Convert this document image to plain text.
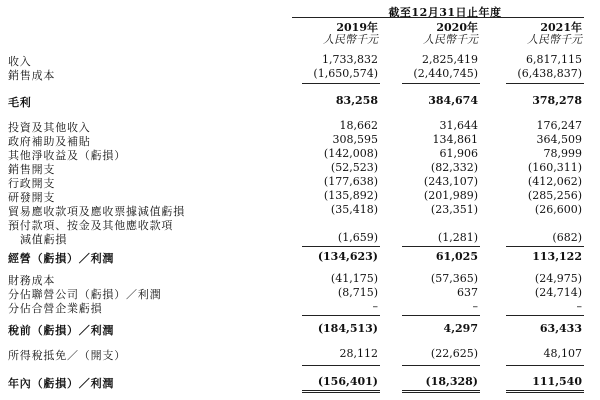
截至12月31日止年度
2019年	2020年	2021年
人民幣千元	人民幣千元	人民幣千元
收入	1,733,832	2,825,419	6,817,115
銷售成本	(1,650,574)	(2,440,745)	(6,438,837)
毛利	83,258	384,674	378,278
投資及其他收入	18,662	31,644	176,247
政府補助及補貼	308,595	134,861	364,509
其他淨收益及（虧損）	(142,008)	61,906	78,999
銷售開支	(52,523)	(82,332)	(160,311)
行政開支	(177,638)	(243,107)	(412,062)
研發開支	(135,892)	(201,989)	(285,256)
貿易應收款項及應收票據減值虧損	(35,418)	(23,351)	(26,600)
預付款項、按金及其他應收款項
減值虧損	(1,659)	(1,281)	(682)
經營（虧損）／利潤	(134,623)	61,025	113,122
財務成本	(41,175)	(57,365)	(24,975)
分佔聯營公司（虧損）／利潤	(8,715)	637	(24,714)
分佔合營企業虧損	–	–	–
稅前（虧損）／利潤	(184,513)	4,297	63,433
所得稅抵免／（開支）	28,112	(22,625)	48,107
年內（虧損）／利潤	(156,401)	(18,328)	111,540
